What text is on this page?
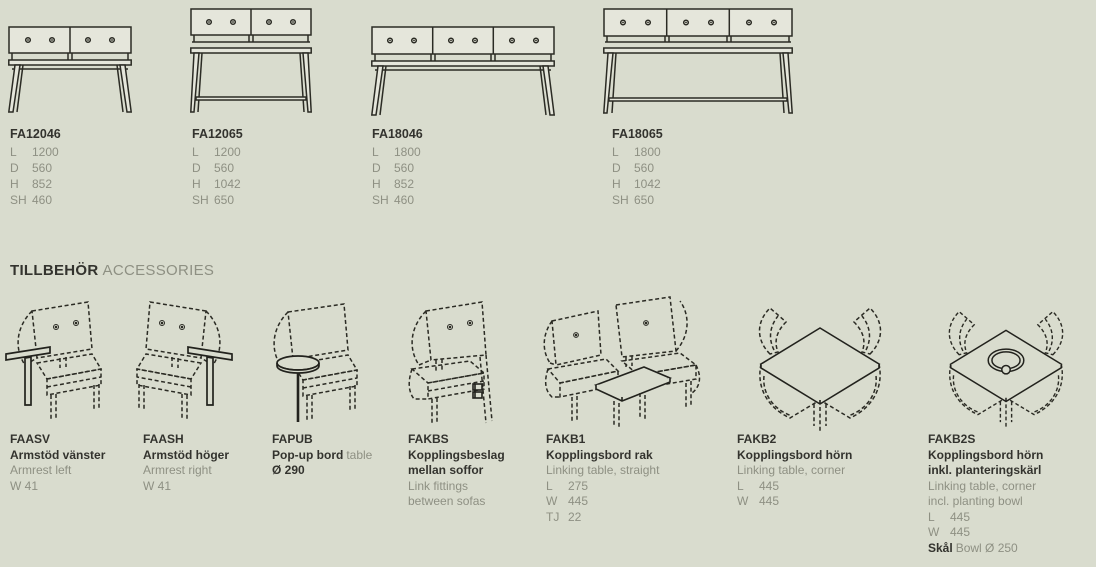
FA12046
L 1200
D 560
H 852
SH 460
FA12065
L 1200
D 560
H 1042
SH 650
FA18046
L 1800
D 560
H 852
SH 460
FA18065
L 1800
D 560
H 1042
SH 650
TILLBEHÖR ACCESSORIES
FAASV
Armstöd vänster
Armrest left
W 41
FAASH
Armstöd höger
Armrest right
W 41
FAPUB
Pop-up bord table
Ø 290
FAKBS
Kopplingsbeslag
mellan soffor
Link fittings
between sofas
FAKB1
Kopplingsbord rak
Linking table, straight
L 275
W 445
TJ 22
FAKB2
Kopplingsbord hörn
Linking table, corner
L 445
W 445
FAKB2S
Kopplingsbord hörn
inkl. planteringskärl
Linking table, corner
incl. planting bowl
L 445
W 445
Skål Bowl Ø 250
